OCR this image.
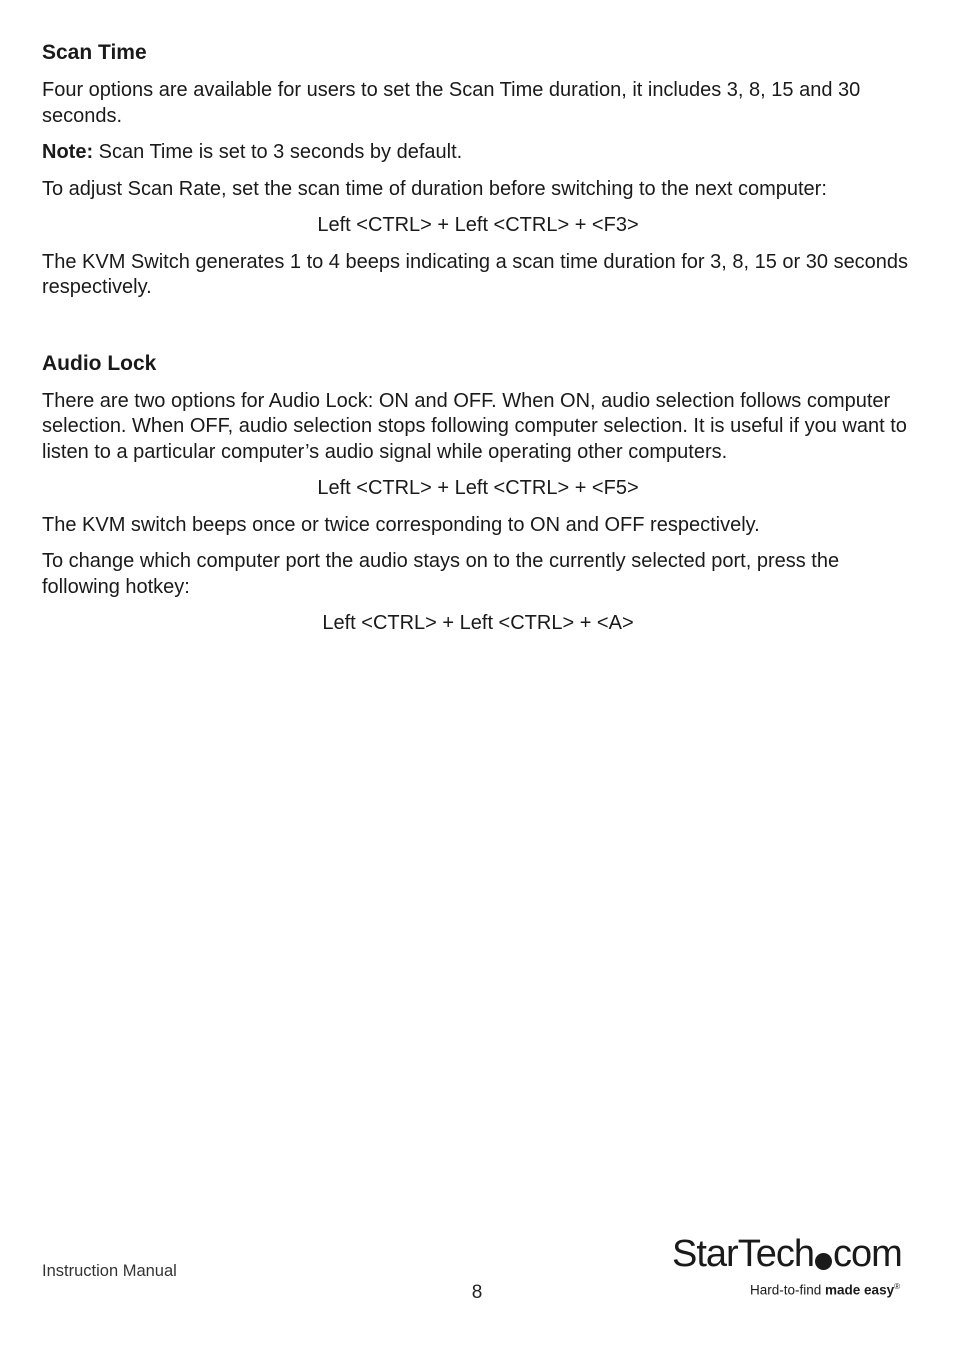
Scan Time

Four options are available for users to set the Scan Time duration, it includes 3, 8, 15 and 30 seconds.

Note: Scan Time is set to 3 seconds by default.

To adjust Scan Rate, set the scan time of duration before switching to the next computer:

Left <CTRL> + Left <CTRL> + <F3>

The KVM Switch generates 1 to 4 beeps indicating a scan time duration for 3, 8, 15 or 30 seconds respectively.

Audio Lock

There are two options for Audio Lock: ON and OFF. When ON, audio selection follows computer selection. When OFF, audio selection stops following computer selection. It is useful if you want to listen to a particular computer’s audio signal while operating other computers.

Left <CTRL> + Left <CTRL> + <F5>

The KVM switch beeps once or twice corresponding to ON and OFF respectively.

To change which computer port the audio stays on to the currently selected port, press the following hotkey:

Left <CTRL> + Left <CTRL> + <A>

Instruction Manual
8
StarTech com
Hard-to-find made easy®
